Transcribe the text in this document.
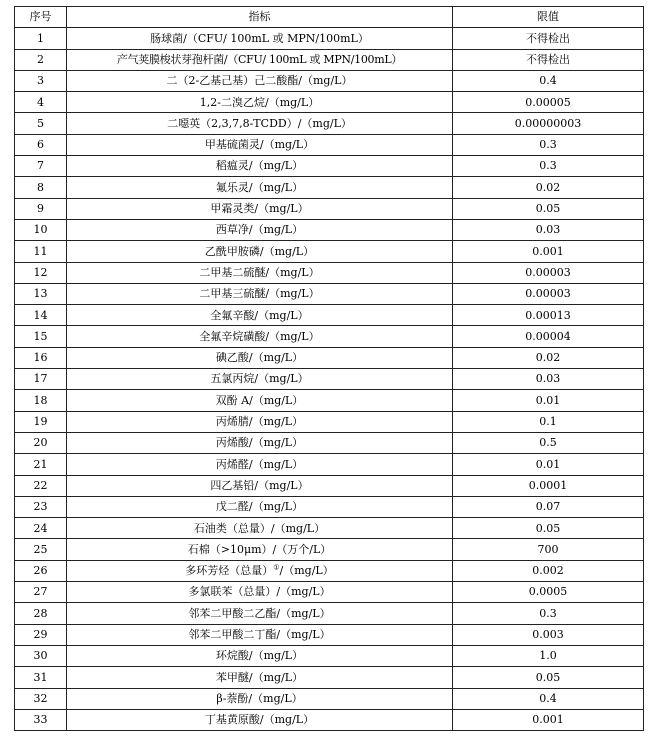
序号	指标	限值
1	肠球菌/（CFU/ 100mL 或 MPN/100mL）	不得检出
2	产气荚膜梭状芽孢杆菌/（CFU/ 100mL 或 MPN/100mL）	不得检出
3	二（2-乙基己基）己二酸酯/（mg/L）	0.4
4	1,2-二溴乙烷/（mg/L）	0.00005
5	二噁英（2,3,7,8-TCDD）/（mg/L）	0.00000003
6	甲基硫菌灵/（mg/L）	0.3
7	稻瘟灵/（mg/L）	0.3
8	氟乐灵/（mg/L）	0.02
9	甲霜灵类/（mg/L）	0.05
10	西草净/（mg/L）	0.03
11	乙酰甲胺磷/（mg/L）	0.001
12	二甲基二硫醚/（mg/L）	0.00003
13	二甲基三硫醚/（mg/L）	0.00003
14	全氟辛酸/（mg/L）	0.00013
15	全氟辛烷磺酸/（mg/L）	0.00004
16	碘乙酸/（mg/L）	0.02
17	五氯丙烷/（mg/L）	0.03
18	双酚 A/（mg/L）	0.01
19	丙烯腈/（mg/L）	0.1
20	丙烯酸/（mg/L）	0.5
21	丙烯醛/（mg/L）	0.01
22	四乙基铅/（mg/L）	0.0001
23	戊二醛/（mg/L）	0.07
24	石油类（总量）/（mg/L）	0.05
25	石棉（>10μm）/（万个/L）	700
26	多环芳烃（总量）①/（mg/L）	0.002
27	多氯联苯（总量）/（mg/L）	0.0005
28	邻苯二甲酸二乙酯/（mg/L）	0.3
29	邻苯二甲酸二丁酯/（mg/L）	0.003
30	环烷酸/（mg/L）	1.0
31	苯甲醚/（mg/L）	0.05
32	β-萘酚/（mg/L）	0.4
33	丁基黄原酸/（mg/L）	0.001
